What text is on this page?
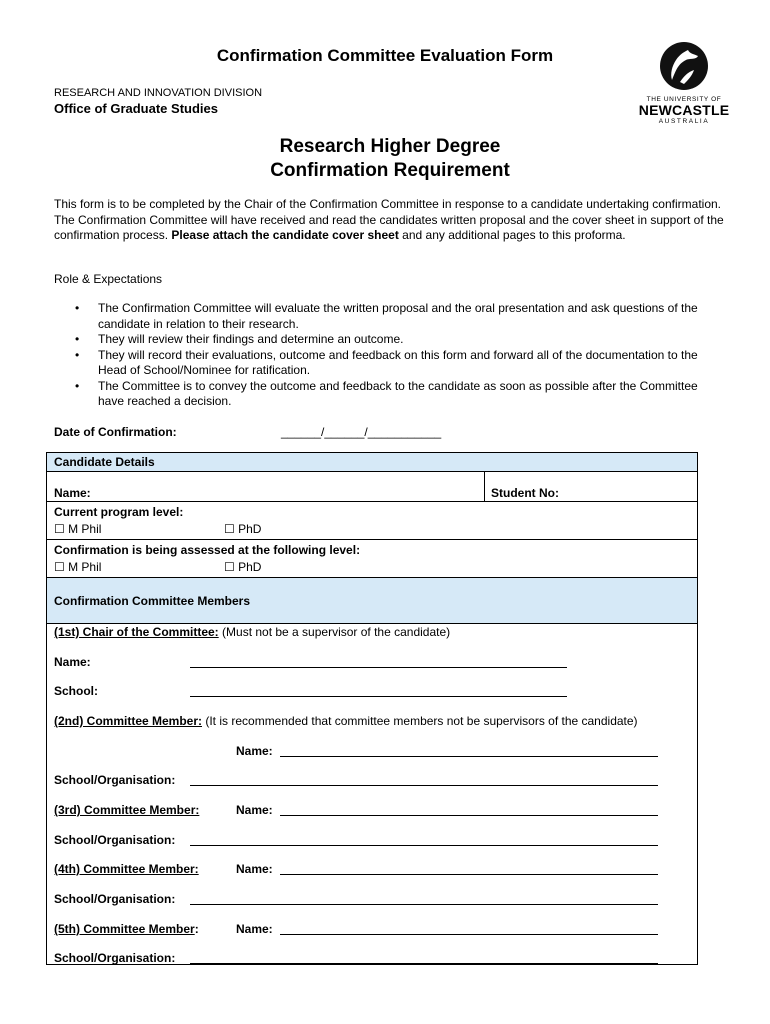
Confirmation Committee Evaluation Form
RESEARCH AND INNOVATION DIVISION
Office of Graduate Studies
THE UNIVERSITY OF
NEWCASTLE
AUSTRALIA
Research Higher Degree
Confirmation Requirement
This form is to be completed by the Chair of the Confirmation Committee in response to a candidate undertaking confirmation. The Confirmation Committee will have received and read the candidates written proposal and the cover sheet in support of the confirmation process. Please attach the candidate cover sheet and any additional pages to this proforma.
Role & Expectations
• The Confirmation Committee will evaluate the written proposal and the oral presentation and ask questions of the candidate in relation to their research.
• They will review their findings and determine an outcome.
• They will record their evaluations, outcome and feedback on this form and forward all of the documentation to the Head of School/Nominee for ratification.
• The Committee is to convey the outcome and feedback to the candidate as soon as possible after the Committee have reached a decision.
Date of Confirmation:	______/______/___________
Candidate Details
Name:	Student No:
Current program level:
☐ M Phil	☐ PhD
Confirmation is being assessed at the following level:
☐ M Phil	☐ PhD
Confirmation Committee Members
(1st) Chair of the Committee: (Must not be a supervisor of the candidate)
Name:
School:
(2nd) Committee Member: (It is recommended that committee members not be supervisors of the candidate)
Name:
School/Organisation:
(3rd) Committee Member:	Name:
School/Organisation:
(4th) Committee Member:	Name:
School/Organisation:
(5th) Committee Member:	Name:
School/Organisation:
